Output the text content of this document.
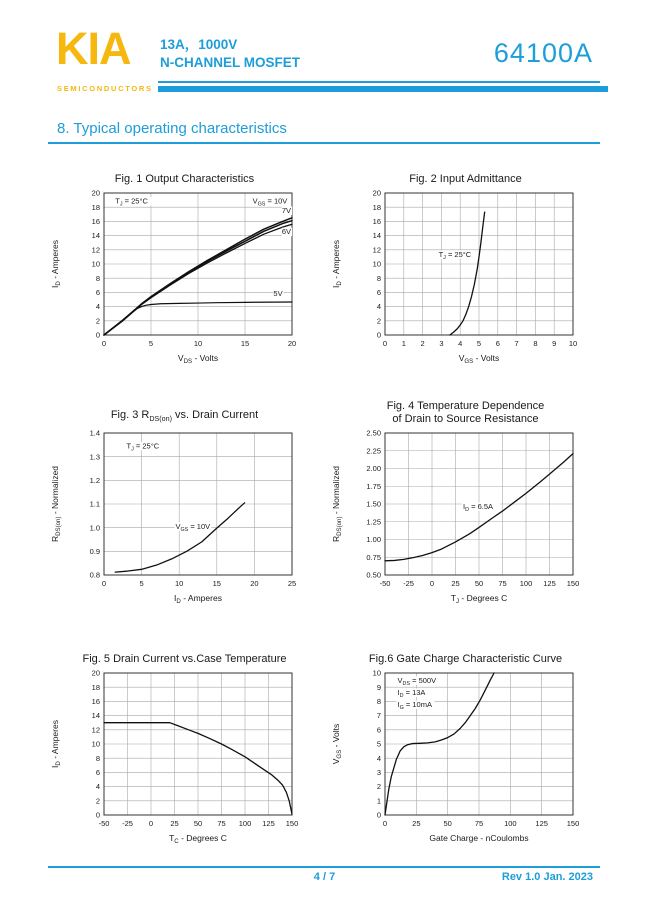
KIA
SEMICONDUCTORS
13A，1000V
N-CHANNEL MOSFET	64100A
8. Typical operating characteristics
Fig. 1 Output Characteristics
0
2
4
6
8
10
12
14
16
18
20
0	5	10	15	20
$V_{DS}$ - Volts
$I_D$ - Amperes
$T_J = 25^\circ C$	$V_{GS} = 10V$
7V
6V
5V
Fig. 2 Input Admittance
0
2
4
6
8
10
12
14
16
18
20
0 1 2 3 4 5 6 7 8 9 10
$V_{GS}$ - Volts
$I_D$ - Amperes	$T_J = 25^\circ C$
Fig. 3 $R_{DS(on)}$ vs. Drain Current
0.8
0.9
1.0
1.1
1.2
1.3
1.4
0	5	10	15	20	25
$I_D$ - Amperes
$R_{DS(on)}$ - Normalized
$T_J = 25^\circ C$
$V_{GS} = 10V$
Fig. 4 Temperature Dependence
of Drain to Source Resistance
0.50
0.75
1.00
1.25
1.50
1.75
2.00
2.25
2.50
-50 -25 0 25 50 75 100 125 150
$T_J$ - Degrees C
$R_{DS(on)}$ - Normalized	$I_D = 6.5A$
Fig. 5 Drain Current vs.Case Temperature
0
2
4
6
8
10
12
14
16
18
20
-50 -25 0 25 50 75 100 125 150
$T_C$ - Degrees C
$I_D$ - Amperes
Fig.6 Gate Charge Characteristic Curve
0
1
2
3
4
5
6
7
8
9
10
0	25	50	75	100	125	150
Gate Charge - nCoulombs
$V_{GS}$ - Volts
$V_{DS} = 500V$
$I_D = 13A$
$I_G = 10mA$
4 / 7	Rev 1.0 Jan. 2023
